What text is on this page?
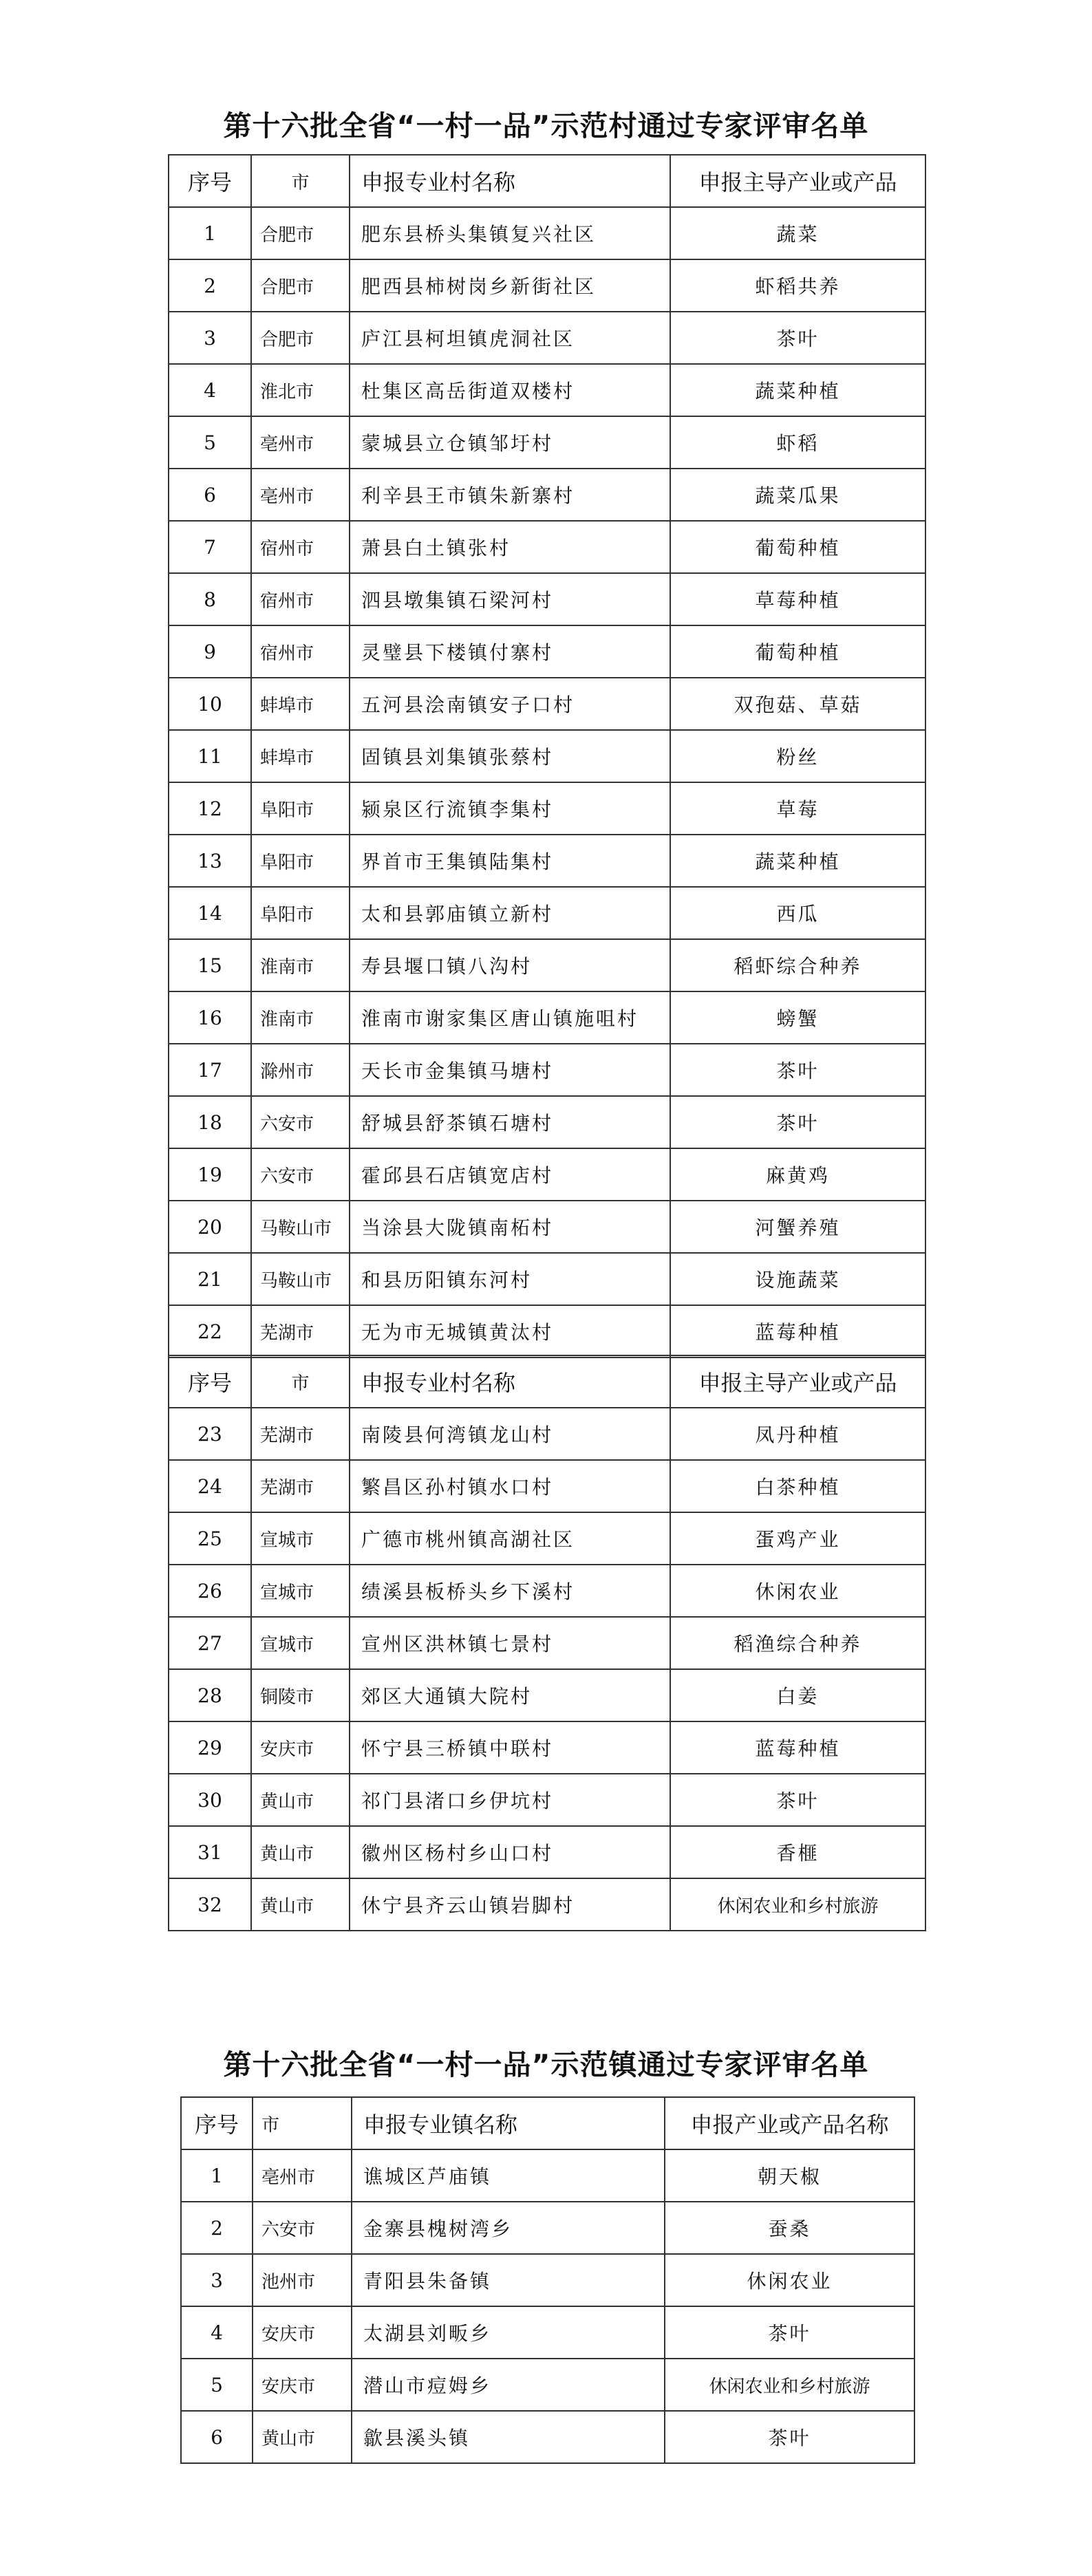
第十六批全省“一村一品”示范村通过专家评审名单
序号	市	申报专业村名称	申报主导产业或产品
1	合肥市	肥东县桥头集镇复兴社区	蔬菜
2	合肥市	肥西县柿树岗乡新街社区	虾稻共养
3	合肥市	庐江县柯坦镇虎洞社区	茶叶
4	淮北市	杜集区高岳街道双楼村	蔬菜种植
5	亳州市	蒙城县立仓镇邹圩村	虾稻
6	亳州市	利辛县王市镇朱新寨村	蔬菜瓜果
7	宿州市	萧县白土镇张村	葡萄种植
8	宿州市	泗县墩集镇石梁河村	草莓种植
9	宿州市	灵璧县下楼镇付寨村	葡萄种植
10	蚌埠市	五河县浍南镇安子口村	双孢菇、草菇
11	蚌埠市	固镇县刘集镇张蔡村	粉丝
12	阜阳市	颍泉区行流镇李集村	草莓
13	阜阳市	界首市王集镇陆集村	蔬菜种植
14	阜阳市	太和县郭庙镇立新村	西瓜
15	淮南市	寿县堰口镇八沟村	稻虾综合种养
16	淮南市	淮南市谢家集区唐山镇施咀村	螃蟹
17	滁州市	天长市金集镇马塘村	茶叶
18	六安市	舒城县舒茶镇石塘村	茶叶
19	六安市	霍邱县石店镇宽店村	麻黄鸡
20	马鞍山市	当涂县大陇镇南柘村	河蟹养殖
21	马鞍山市	和县历阳镇东河村	设施蔬菜
22	芜湖市	无为市无城镇黄汰村	蓝莓种植
序号	市	申报专业村名称	申报主导产业或产品
23	芜湖市	南陵县何湾镇龙山村	凤丹种植
24	芜湖市	繁昌区孙村镇水口村	白茶种植
25	宣城市	广德市桃州镇高湖社区	蛋鸡产业
26	宣城市	绩溪县板桥头乡下溪村	休闲农业
27	宣城市	宣州区洪林镇七景村	稻渔综合种养
28	铜陵市	郊区大通镇大院村	白姜
29	安庆市	怀宁县三桥镇中联村	蓝莓种植
30	黄山市	祁门县渚口乡伊坑村	茶叶
31	黄山市	徽州区杨村乡山口村	香榧
32	黄山市	休宁县齐云山镇岩脚村	休闲农业和乡村旅游
第十六批全省“一村一品”示范镇通过专家评审名单
序号	市	申报专业镇名称	申报产业或产品名称
1	亳州市	谯城区芦庙镇	朝天椒
2	六安市	金寨县槐树湾乡	蚕桑
3	池州市	青阳县朱备镇	休闲农业
4	安庆市	太湖县刘畈乡	茶叶
5	安庆市	潜山市痘姆乡	休闲农业和乡村旅游
6	黄山市	歙县溪头镇	茶叶
